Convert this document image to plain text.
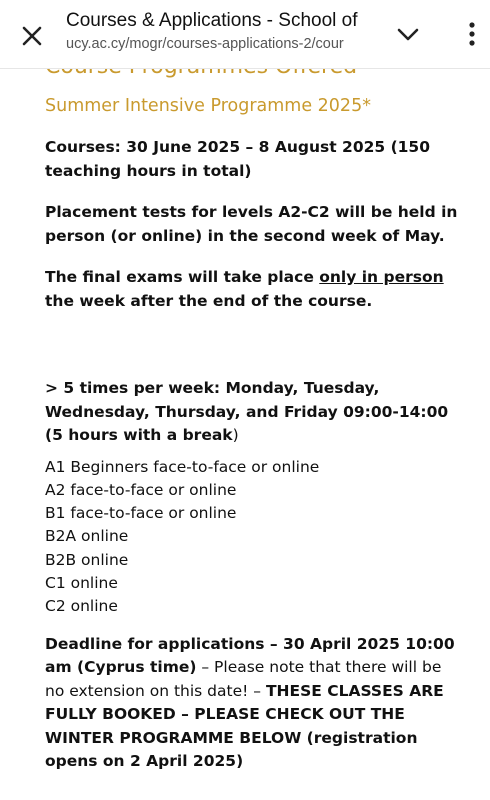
Courses & Applications - School of
ucy.ac.cy/mogr/courses-applications-2/cour
Summer Intensive Programme 2025*

Courses: 30 June 2025 – 8 August 2025 (150 teaching hours in total)

Placement tests for levels A2-C2 will be held in person (or online) in the second week of May.

The final exams will take place only in person the week after the end of the course.

> 5 times per week: Monday, Tuesday, Wednesday, Thursday, and Friday 09:00-14:00 (5 hours with a break)

A1 Beginners face-to-face or online
A2 face-to-face or online
B1 face-to-face or online
B2A online
B2B online
C1 online
C2 online

Deadline for applications – 30 April 2025 10:00 am (Cyprus time) – Please note that there will be no extension on this date! – THESE CLASSES ARE FULLY BOOKED – PLEASE CHECK OUT THE WINTER PROGRAMME BELOW (registration opens on 2 April 2025)
